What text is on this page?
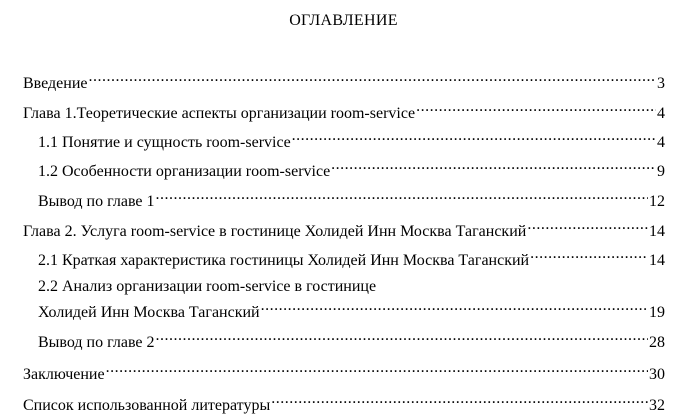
ОГЛАВЛЕНИЕ
Введение .....	3
Глава 1.Теоретические аспекты организации room-service .....	4
1.1 Понятие и сущность room-service .....	4
1.2 Особенности организации room-service .....	9
Вывод по главе 1 .....	12
Глава 2. Услуга room-service в гостинице Холидей Инн Москва Таганский .....	14
2.1 Краткая характеристика гостиницы Холидей Инн Москва Таганский .....	14
2.2 Анализ организации room-service в гостинице
Холидей Инн Москва Таганский .....	19
Вывод по главе 2 .....	28
Заключение .....	30
Список использованной литературы .....	32
